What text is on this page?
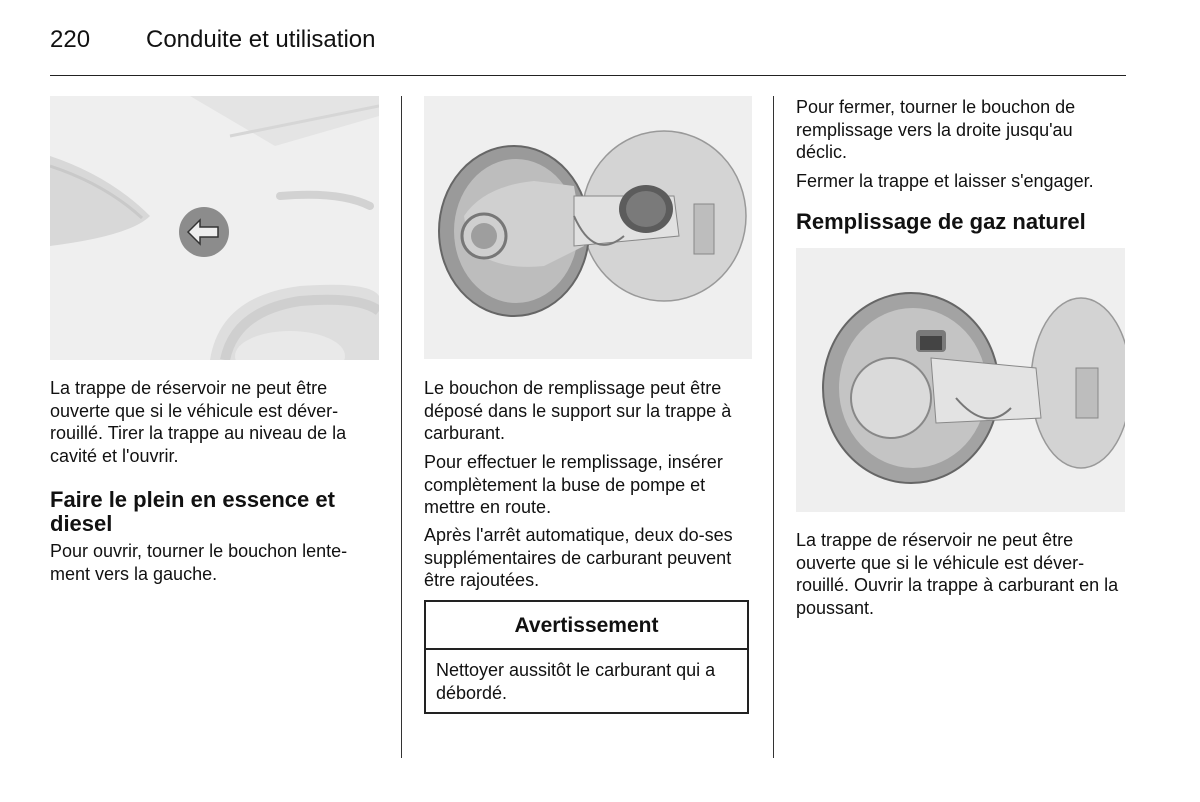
220 Conduite et utilisation

La trappe de réservoir ne peut être ouverte que si le véhicule est déver-rouillé. Tirer la trappe au niveau de la cavité et l'ouvrir.

Faire le plein en essence et diesel

Pour ouvrir, tourner le bouchon lente-ment vers la gauche.

Le bouchon de remplissage peut être déposé dans le support sur la trappe à carburant.

Pour effectuer le remplissage, insérer complètement la buse de pompe et mettre en route.

Après l'arrêt automatique, deux do-ses supplémentaires de carburant peuvent être rajoutées.

Avertissement

Nettoyer aussitôt le carburant qui a débordé.

Pour fermer, tourner le bouchon de remplissage vers la droite jusqu'au déclic.

Fermer la trappe et laisser s'engager.

Remplissage de gaz naturel

La trappe de réservoir ne peut être ouverte que si le véhicule est déver-rouillé. Ouvrir la trappe à carburant en la poussant.
